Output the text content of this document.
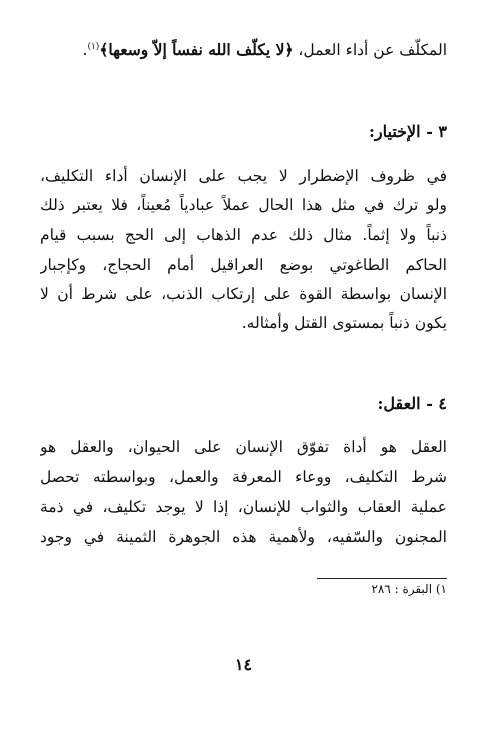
المكلّف عن أداء العمل، ﴿لا يكلّف الله نفساً إلاّ وسعها﴾$^{(١)}$.
٣ - الإختيار:
في ظروف الإضطرار لا يجب على الإنسان أداء التكليف،
ولو ترك في مثل هذا الحال عملاً عبادياً مُعيناً، فلا يعتبر ذلك
ذنباً ولا إثماً. مثال ذلك عدم الذهاب إلى الحج بسبب قيام
الحاكم الطاغوتي بوضع العراقيل أمام الحجاج، وكإجبار
الإنسان بواسطة القوة على إرتكاب الذنب، على شرط أن لا
يكون ذنباً بمستوى القتل وأمثاله.
٤ - العقل:
العقل هو أداة تفوّق الإنسان على الحيوان، والعقل هو
شرط التكليف، ووعاء المعرفة والعمل، وبواسطته تحصل
عملية العقاب والثواب للإنسان، إذا لا يوجد تكليف، في ذمة
المجنون والسّفيه، ولأهمية هذه الجوهرة الثمينة في وجود
١) البقرة : ٢٨٦
١٤
